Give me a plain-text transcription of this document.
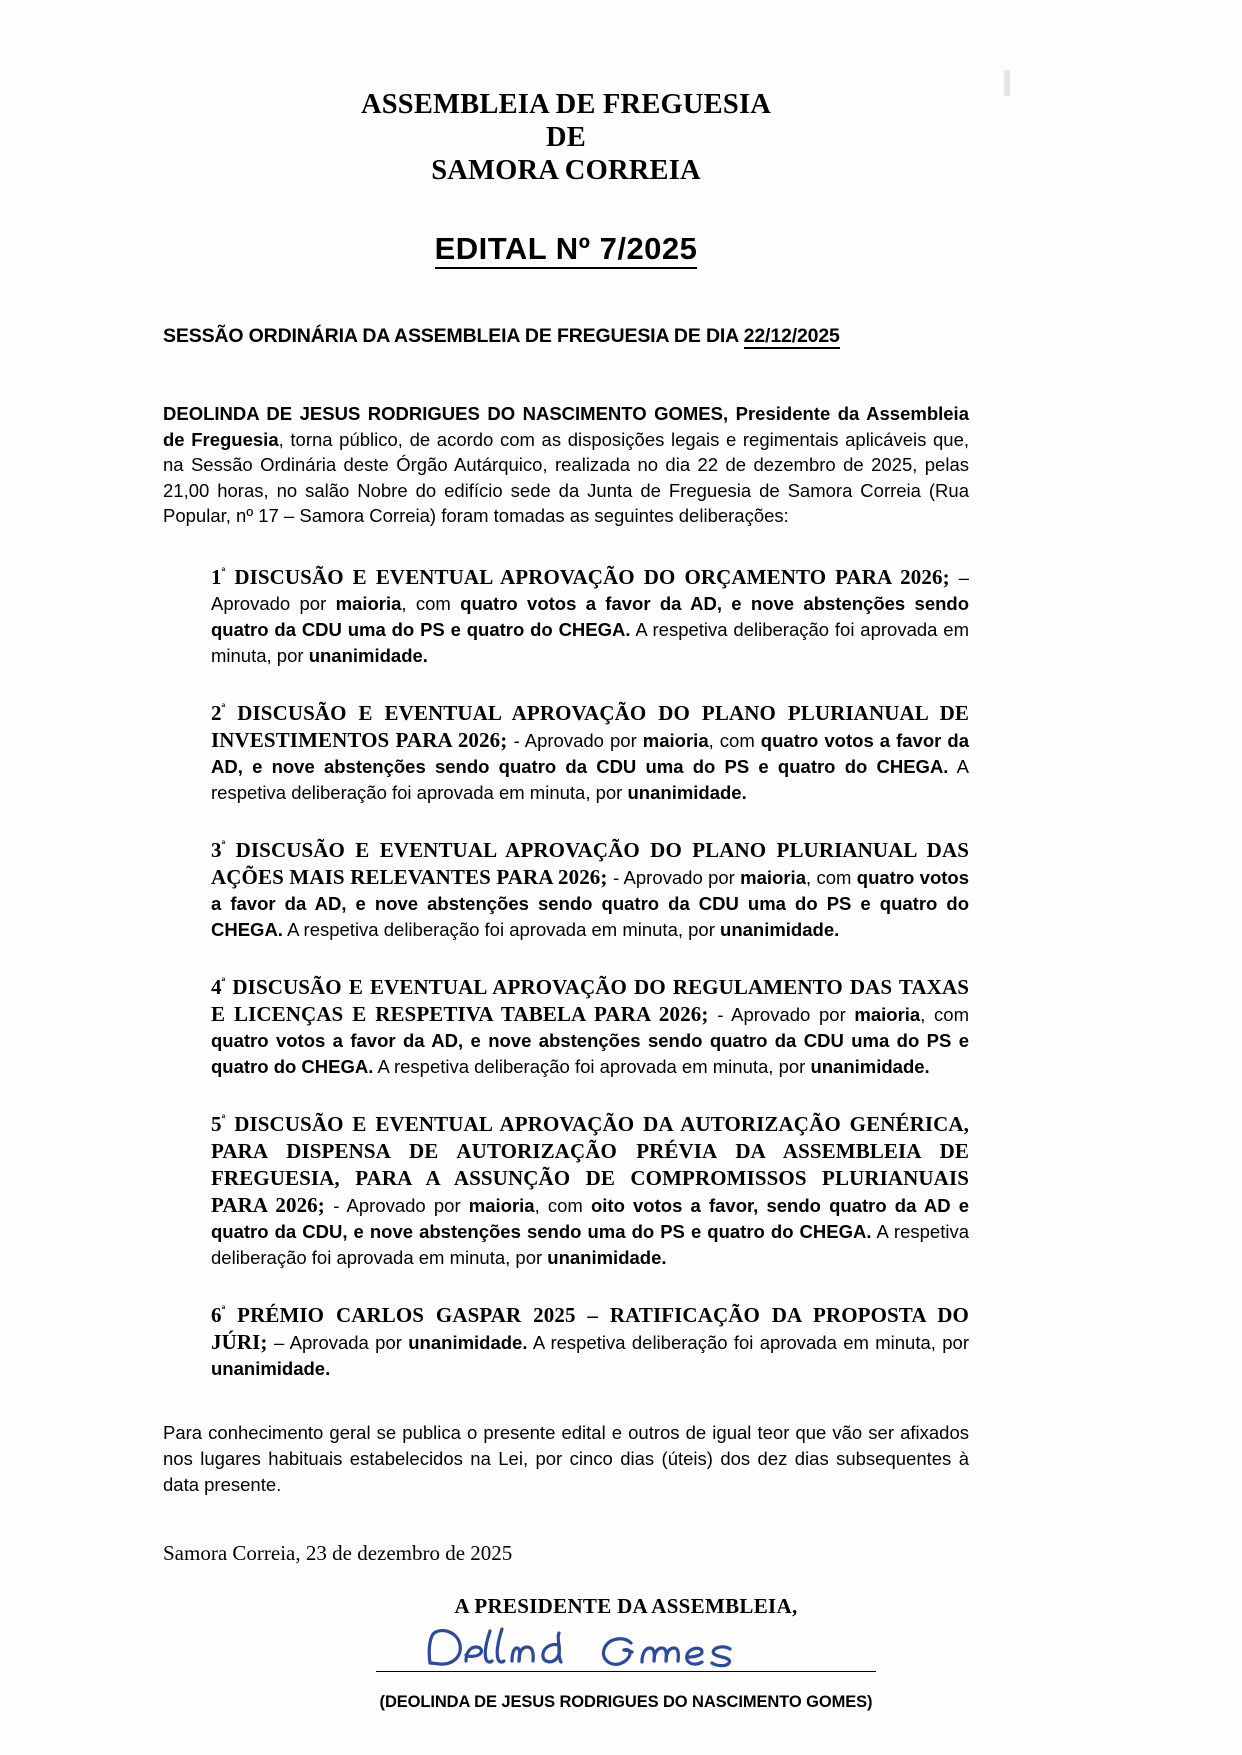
ASSEMBLEIA DE FREGUESIA
DE
SAMORA CORREIA
EDITAL Nº 7/2025
SESSÃO ORDINÁRIA DA ASSEMBLEIA DE FREGUESIA DE DIA 22/12/2025
DEOLINDA DE JESUS RODRIGUES DO NASCIMENTO GOMES, Presidente da Assembleia de Freguesia, torna público, de acordo com as disposições legais e regimentais aplicáveis que, na Sessão Ordinária deste Órgão Autárquico, realizada no dia 22 de dezembro de 2025, pelas 21,00 horas, no salão Nobre do edifício sede da Junta de Freguesia de Samora Correia (Rua Popular, nº 17 – Samora Correia) foram tomadas as seguintes deliberações:
$1^ª$ DISCUSÃO E EVENTUAL APROVAÇÃO DO ORÇAMENTO PARA 2026; – Aprovado por maioria, com quatro votos a favor da AD, e nove abstenções sendo quatro da CDU uma do PS e quatro do CHEGA. A respetiva deliberação foi aprovada em minuta, por unanimidade.
$2^ª$ DISCUSÃO E EVENTUAL APROVAÇÃO DO PLANO PLURIANUAL DE INVESTIMENTOS PARA 2026; - Aprovado por maioria, com quatro votos a favor da AD, e nove abstenções sendo quatro da CDU uma do PS e quatro do CHEGA. A respetiva deliberação foi aprovada em minuta, por unanimidade.
$3^ª$ DISCUSÃO E EVENTUAL APROVAÇÃO DO PLANO PLURIANUAL DAS AÇÕES MAIS RELEVANTES PARA 2026; - Aprovado por maioria, com quatro votos a favor da AD, e nove abstenções sendo quatro da CDU uma do PS e quatro do CHEGA. A respetiva deliberação foi aprovada em minuta, por unanimidade.
$4^ª$ DISCUSÃO E EVENTUAL APROVAÇÃO DO REGULAMENTO DAS TAXAS E LICENÇAS E RESPETIVA TABELA PARA 2026; - Aprovado por maioria, com quatro votos a favor da AD, e nove abstenções sendo quatro da CDU uma do PS e quatro do CHEGA. A respetiva deliberação foi aprovada em minuta, por unanimidade.
$5^ª$ DISCUSÃO E EVENTUAL APROVAÇÃO DA AUTORIZAÇÃO GENÉRICA, PARA DISPENSA DE AUTORIZAÇÃO PRÉVIA DA ASSEMBLEIA DE FREGUESIA, PARA A ASSUNÇÃO DE COMPROMISSOS PLURIANUAIS PARA 2026; - Aprovado por maioria, com oito votos a favor, sendo quatro da AD e quatro da CDU, e nove abstenções sendo uma do PS e quatro do CHEGA. A respetiva deliberação foi aprovada em minuta, por unanimidade.
$6^ª$ PRÉMIO CARLOS GASPAR 2025 – RATIFICAÇÃO DA PROPOSTA DO JÚRI; – Aprovada por unanimidade. A respetiva deliberação foi aprovada em minuta, por unanimidade.
Para conhecimento geral se publica o presente edital e outros de igual teor que vão ser afixados nos lugares habituais estabelecidos na Lei, por cinco dias (úteis) dos dez dias subsequentes à data presente.
Samora Correia, 23 de dezembro de 2025
A PRESIDENTE DA ASSEMBLEIA,
(DEOLINDA DE JESUS RODRIGUES DO NASCIMENTO GOMES)
